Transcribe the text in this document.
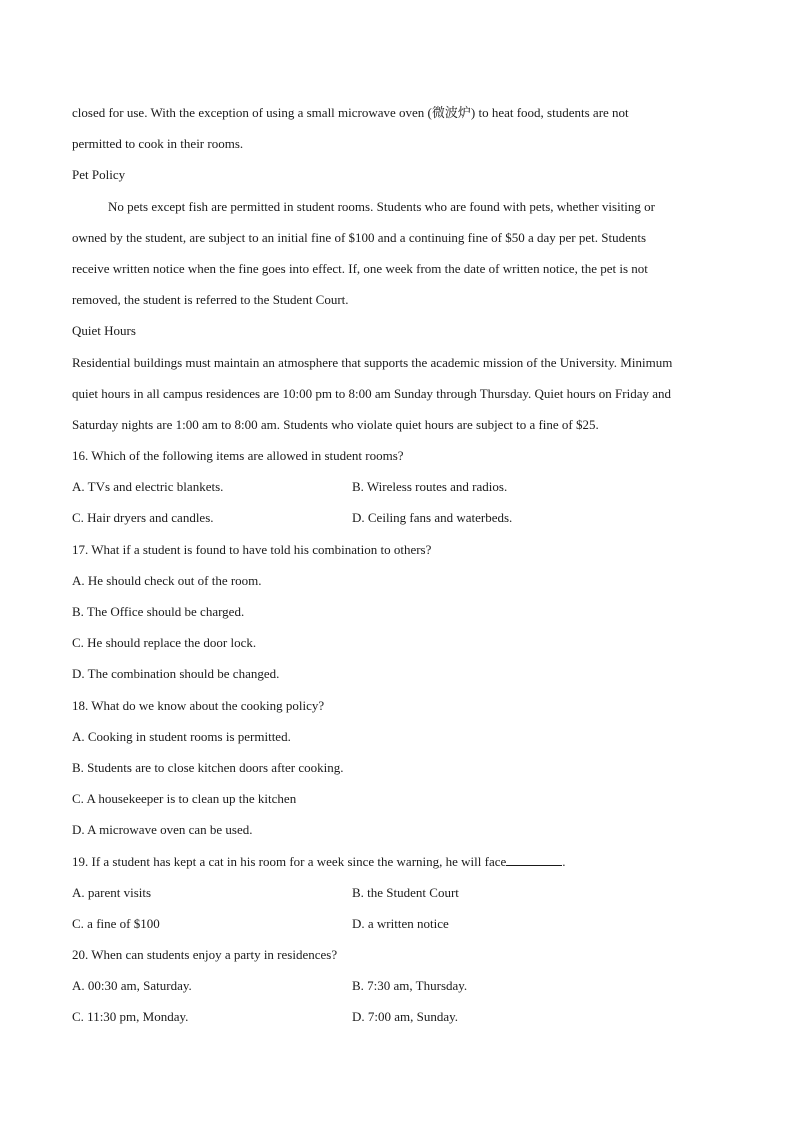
closed for use. With the exception of using a small microwave oven (微波炉) to heat food, students are not
permitted to cook in their rooms.
Pet Policy
No pets except fish are permitted in student rooms. Students who are found with pets, whether visiting or
owned by the student, are subject to an initial fine of $100 and a continuing fine of $50 a day per pet. Students
receive written notice when the fine goes into effect. If, one week from the date of written notice, the pet is not
removed, the student is referred to the Student Court.
Quiet Hours
Residential buildings must maintain an atmosphere that supports the academic mission of the University. Minimum
quiet hours in all campus residences are 10:00 pm to 8:00 am Sunday through Thursday. Quiet hours on Friday and
Saturday nights are 1:00 am to 8:00 am. Students who violate quiet hours are subject to a fine of $25.
16. Which of the following items are allowed in student rooms?
A. TVs and electric blankets.	B. Wireless routes and radios.
C. Hair dryers and candles.	D. Ceiling fans and waterbeds.
17. What if a student is found to have told his combination to others?
A. He should check out of the room.
B. The Office should be charged.
C. He should replace the door lock.
D. The combination should be changed.
18. What do we know about the cooking policy?
A. Cooking in student rooms is permitted.
B. Students are to close kitchen doors after cooking.
C. A housekeeper is to clean up the kitchen
D. A microwave oven can be used.
19. If a student has kept a cat in his room for a week since the warning, he will face	.
A. parent visits	B. the Student Court
C. a fine of $100	D. a written notice
20. When can students enjoy a party in residences?
A. 00:30 am, Saturday.	B. 7:30 am, Thursday.
C. 11:30 pm, Monday.	D. 7:00 am, Sunday.
